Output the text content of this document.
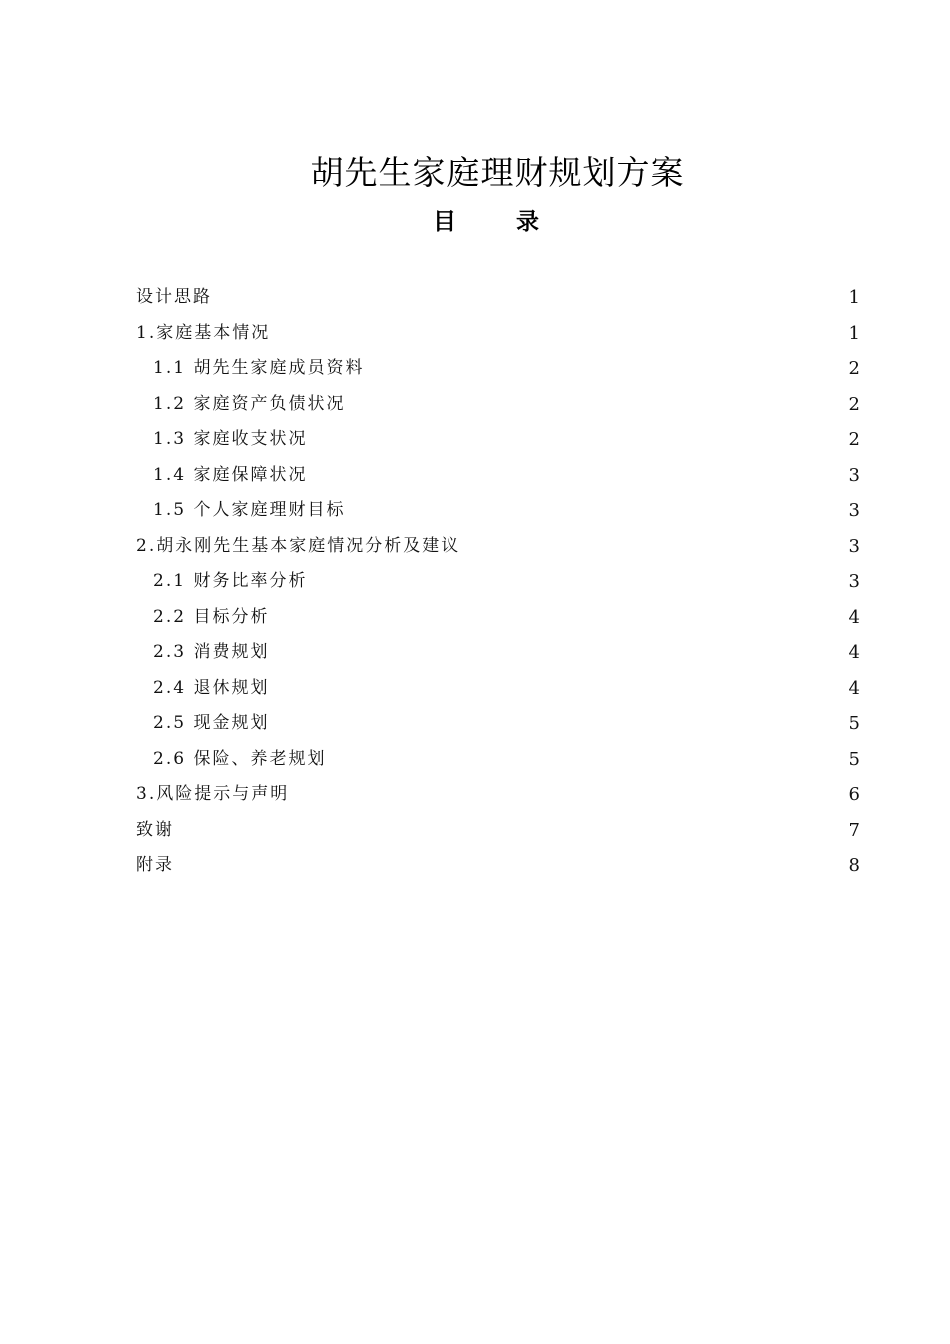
胡先生家庭理财规划方案
目 录
设计思路	1
1.家庭基本情况	1
1.1 胡先生家庭成员资料	2
1.2 家庭资产负债状况	2
1.3 家庭收支状况	2
1.4 家庭保障状况	3
1.5 个人家庭理财目标	3
2.胡永刚先生基本家庭情况分析及建议	3
2.1 财务比率分析	3
2.2 目标分析	4
2.3 消费规划	4
2.4 退休规划	4
2.5 现金规划	5
2.6 保险、养老规划	5
3.风险提示与声明	6
致谢	7
附录	8
